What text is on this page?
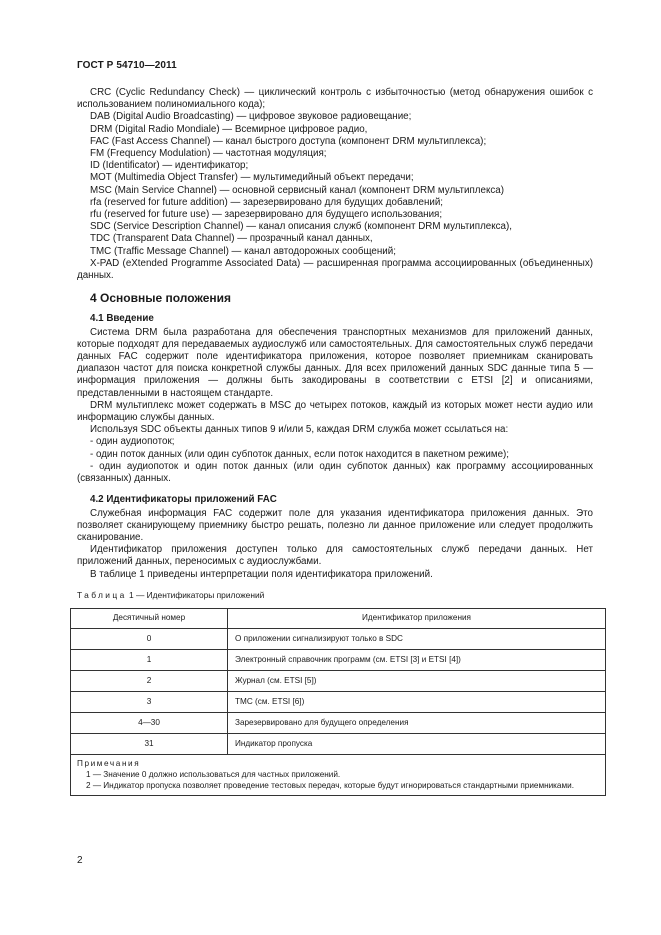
ГОСТ Р 54710—2011

CRC (Cyclic Redundancy Check) — циклический контроль с избыточностью (метод обнаружения ошибок с использованием полиномиального кода);

DAB (Digital Audio Broadcasting) — цифровое звуковое радиовещание;

DRM (Digital Radio Mondiale) — Всемирное цифровое радио,

FAC (Fast Access Channel) — канал быстрого доступа (компонент DRM мультиплекса);

FM (Frequency Modulation) — частотная модуляция;

ID (Identificator) — идентификатор;

MOT (Multimedia Object Transfer) — мультимедийный объект передачи;

MSC (Main Service Channel) — основной сервисный канал (компонент DRM мультиплекса)

rfa (reserved for future addition) — зарезервировано для будущих добавлений;

rfu (reserved for future use) — зарезервировано для будущего использования;

SDC (Service Description Channel) — канал описания служб (компонент DRM мультиплекса),

TDC (Transparent Data Channel) — прозрачный канал данных,

TMC (Traffic Message Channel) — канал автодорожных сообщений;

X-PAD (eXtended Programme Associated Data) — расширенная программа ассоциированных (объединенных) данных.

4 Основные положения
4.1 Введение

Система DRM была разработана для обеспечения транспортных механизмов для приложений данных, которые подходят для передаваемых аудиослужб или самостоятельных. Для самостоятельных служб передачи данных FAC содержит поле идентификатора приложения, которое позволяет приемникам сканировать диапазон частот для поиска конкретной службы данных. Для всех приложений данных SDC данные типа 5 — информация приложения — должны быть закодированы в соответствии с ETSI [2] и описаниями, представленными в настоящем стандарте.

DRM мультиплекс может содержать в MSC до четырех потоков, каждый из которых может нести аудио или информацию службы данных.

Используя SDC объекты данных типов 9 и/или 5, каждая DRM служба может ссылаться на:

- один аудиопоток;

- один поток данных (или один субпоток данных, если поток находится в пакетном режиме);

- один аудиопоток и один поток данных (или один субпоток данных) как программу ассоциированных (связанных) данных.

4.2 Идентификаторы приложений FAC

Служебная информация FAC содержит поле для указания идентификатора приложения данных. Это позволяет сканирующему приемнику быстро решать, полезно ли данное приложение или следует продолжить сканирование.

Идентификатор приложения доступен только для самостоятельных служб передачи данных. Нет приложений данных, переносимых с аудиослужбами.

В таблице 1 приведены интерпретации поля идентификатора приложений.

Таблица 1 — Идентификаторы приложений

Десятичный номер	Идентификатор приложения
0	О приложении сигнализируют только в SDC
1	Электронный справочник программ (см. ETSI [3] и ETSI [4])
2	Журнал (см. ETSI [5])
3	TMC (см. ETSI [6])
4—30	Зарезервировано для будущего определения
31	Индикатор пропуска

Примечания

1 — Значение 0 должно использоваться для частных приложений.

2 — Индикатор пропуска позволяет проведение тестовых передач, которые будут игнорироваться стандартными приемниками.	

2
